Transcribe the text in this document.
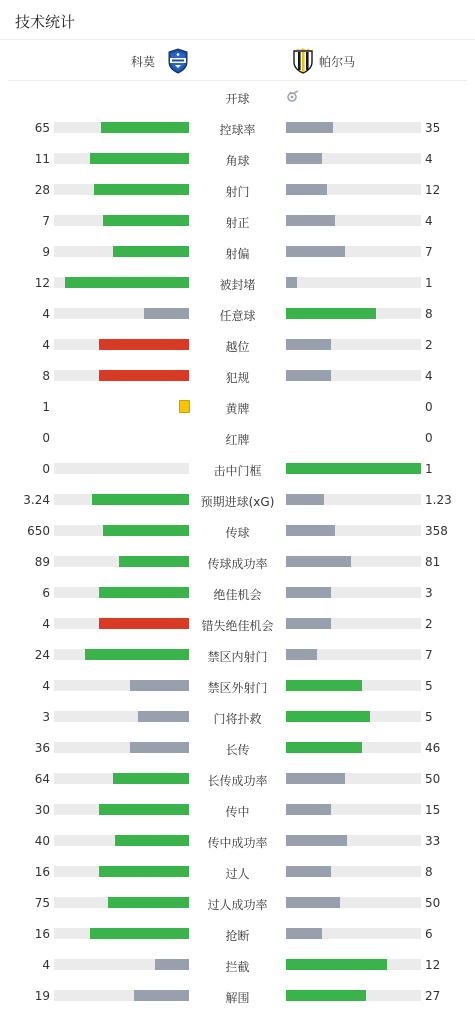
技术统计
科莫	帕尔马
开球
65	控球率	35
11	角球	4
28	射门	12
7	射正	4
9	射偏	7
12	被封堵	1
4	任意球	8
4	越位	2
8	犯规	4
1	黄牌	0
0	红牌	0
0	击中门框	1
3.24	预期进球(xG)	1.23
650	传球	358
89	传球成功率	81
6	绝佳机会	3
4	错失绝佳机会	2
24	禁区内射门	7
4	禁区外射门	5
3	门将扑救	5
36	长传	46
64	长传成功率	50
30	传中	15
40	传中成功率	33
16	过人	8
75	过人成功率	50
16	抢断	6
4	拦截	12
19	解围	27
